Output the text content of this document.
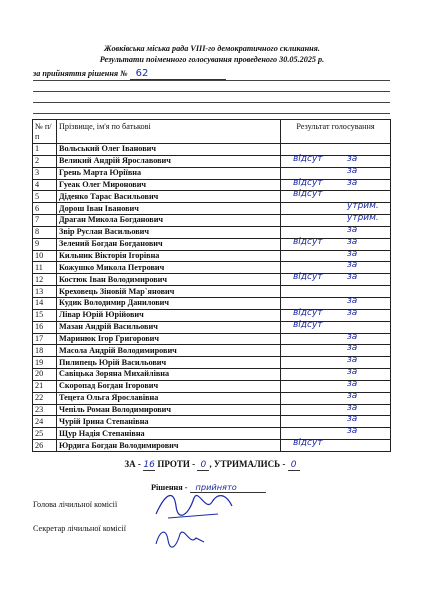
Жовківська міська рада VIII-го демократичного скликання.
Результати поіменного голосування проведеного 30.05.2025 р.
за прийняття рішення № 62
№ п/п	Прізвище, ім'я по батькові	Результат голосування
1	Вольський Олег Іванович	
2	Великий Андрій Ярославович	відсут за

3	Грень Марта Юріївна	за

4	Гуеак Олег Миронович	відсут за

5	Діденко Тарас Васильович	відсут

6	Дорош Іван Іванович	утрим.

7	Драган Микола Богданович	утрим.

8	Звір Руслан Васильович	за

9	Зелений Богдан Богданович	відсут за

10	Кильник Вікторія Ігорівна	за

11	Кожушко Микола Петрович	за

12	Костюк Іван Володимирович	відсут за

13	Креховець Зіновій Мар`янович	
14	Кудик Володимир Данилович	за

15	Лівар Юрій Юрійович	відсут за

16	Мазан Андрій Васильович	відсут

17	Маринюк Ігор Григорович	за

18	Масола Андрій Володимирович	за

19	Пилипець Юрій Васильович	за

20	Савіцька Зоряна Михайлівна	за

21	Скоропад Богдан Ігорович	за

22	Тецета Ольга Ярославівна	за

23	Чепіль Роман Володимирович	за

24	Чурій Ірина Степанівна	за

25	Щур Надія Степанівна	за

26	Юрдига Богдан Володимирович	відсут
ЗА - 16 ПРОТИ - 0 , УТРИМАЛИСЬ - 0
Рішення - прийнято
Голова лічильної комісії
Секретар лічильної комісії
